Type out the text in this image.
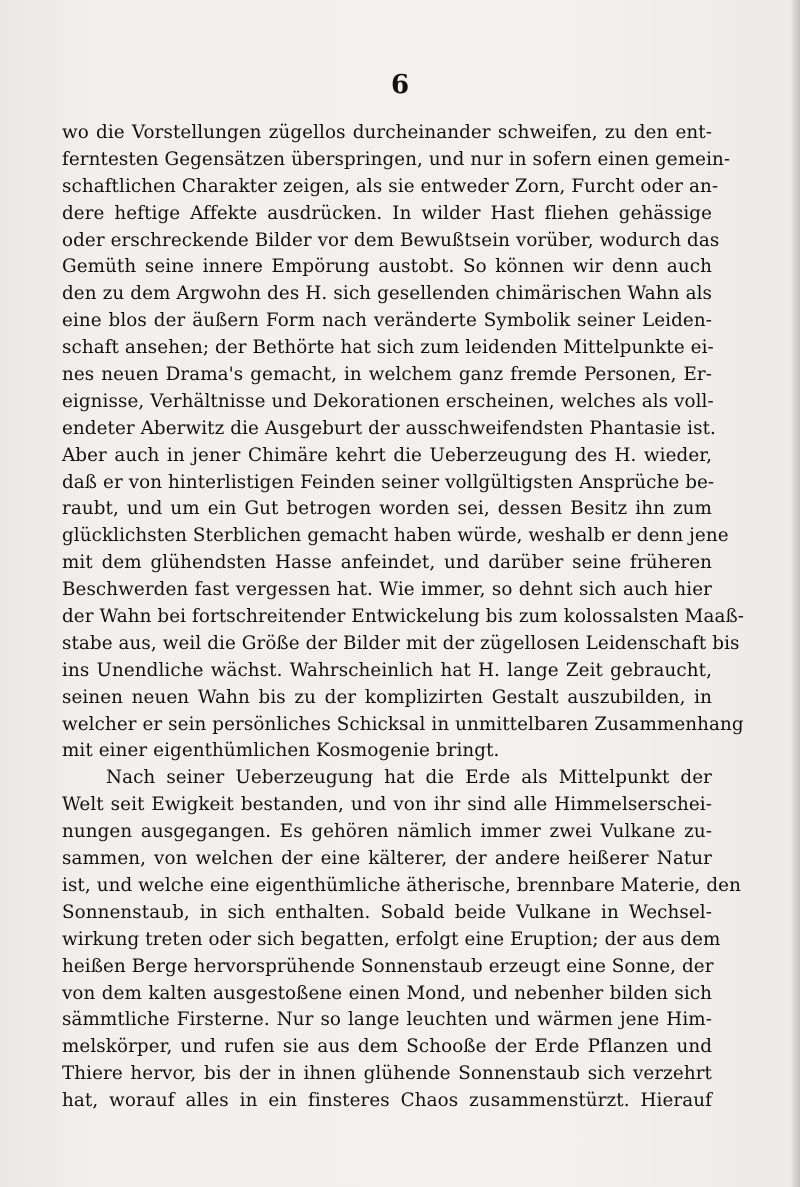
6
wo die Vorstellungen zügellos durcheinander schweifen, zu den ent-
ferntesten Gegensätzen überspringen, und nur in sofern einen gemein-
schaftlichen Charakter zeigen, als sie entweder Zorn, Furcht oder an-
dere heftige Affekte ausdrücken. In wilder Hast fliehen gehässige
oder erschreckende Bilder vor dem Bewußtsein vorüber, wodurch das
Gemüth seine innere Empörung austobt. So können wir denn auch
den zu dem Argwohn des H. sich gesellenden chimärischen Wahn als
eine blos der äußern Form nach veränderte Symbolik seiner Leiden-
schaft ansehen; der Bethörte hat sich zum leidenden Mittelpunkte ei-
nes neuen Drama's gemacht, in welchem ganz fremde Personen, Er-
eignisse, Verhältnisse und Dekorationen erscheinen, welches als voll-
endeter Aberwitz die Ausgeburt der ausschweifendsten Phantasie ist.
Aber auch in jener Chimäre kehrt die Ueberzeugung des H. wieder,
daß er von hinterlistigen Feinden seiner vollgültigsten Ansprüche be-
raubt, und um ein Gut betrogen worden sei, dessen Besitz ihn zum
glücklichsten Sterblichen gemacht haben würde, weshalb er denn jene
mit dem glühendsten Hasse anfeindet, und darüber seine früheren
Beschwerden fast vergessen hat. Wie immer, so dehnt sich auch hier
der Wahn bei fortschreitender Entwickelung bis zum kolossalsten Maaß-
stabe aus, weil die Größe der Bilder mit der zügellosen Leidenschaft bis
ins Unendliche wächst. Wahrscheinlich hat H. lange Zeit gebraucht,
seinen neuen Wahn bis zu der komplizirten Gestalt auszubilden, in
welcher er sein persönliches Schicksal in unmittelbaren Zusammenhang
mit einer eigenthümlichen Kosmogenie bringt.
Nach seiner Ueberzeugung hat die Erde als Mittelpunkt der
Welt seit Ewigkeit bestanden, und von ihr sind alle Himmelserschei-
nungen ausgegangen. Es gehören nämlich immer zwei Vulkane zu-
sammen, von welchen der eine kälterer, der andere heißerer Natur
ist, und welche eine eigenthümliche ätherische, brennbare Materie, den
Sonnenstaub, in sich enthalten. Sobald beide Vulkane in Wechsel-
wirkung treten oder sich begatten, erfolgt eine Eruption; der aus dem
heißen Berge hervorsprühende Sonnenstaub erzeugt eine Sonne, der
von dem kalten ausgestoßene einen Mond, und nebenher bilden sich
sämmtliche Firsterne. Nur so lange leuchten und wärmen jene Him-
melskörper, und rufen sie aus dem Schooße der Erde Pflanzen und
Thiere hervor, bis der in ihnen glühende Sonnenstaub sich verzehrt
hat, worauf alles in ein finsteres Chaos zusammenstürzt. Hierauf
